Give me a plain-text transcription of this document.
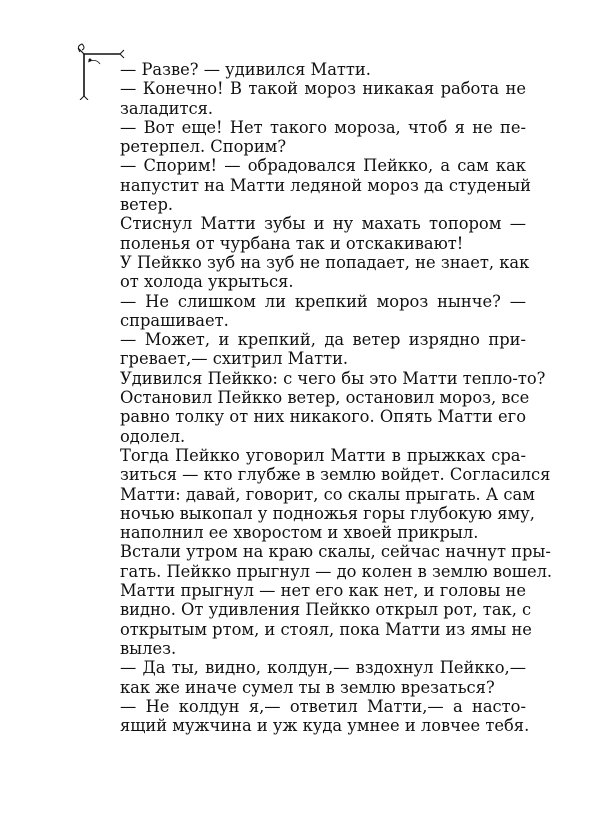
— Разве? — удивился Матти.
— Конечно! В такой мороз никакая работа не
заладится.
— Вот еще! Нет такого мороза, чтоб я не пе-
ретерпел. Спорим?
— Спорим! — обрадовался Пейкко, а сам как
напустит на Матти ледяной мороз да студеный
ветер.
Стиснул Матти зубы и ну махать топором —
поленья от чурбана так и отскакивают!
У Пейкко зуб на зуб не попадает, не знает, как
от холода укрыться.
— Не слишком ли крепкий мороз нынче? —
спрашивает.
— Может, и крепкий, да ветер изрядно при-
гревает,— схитрил Матти.
Удивился Пейкко: с чего бы это Матти тепло-то?
Остановил Пейкко ветер, остановил мороз, все
равно толку от них никакого. Опять Матти его
одолел.
Тогда Пейкко уговорил Матти в прыжках сра-
зиться — кто глубже в землю войдет. Согласился
Матти: давай, говорит, со скалы прыгать. А сам
ночью выкопал у подножья горы глубокую яму,
наполнил ее хворостом и хвоей прикрыл.
Встали утром на краю скалы, сейчас начнут пры-
гать. Пейкко прыгнул — до колен в землю вошел.
Матти прыгнул — нет его как нет, и головы не
видно. От удивления Пейкко открыл рот, так, с
открытым ртом, и стоял, пока Матти из ямы не
вылез.
— Да ты, видно, колдун,— вздохнул Пейкко,—
как же иначе сумел ты в землю врезаться?
— Не колдун я,— ответил Матти,— а насто-
ящий мужчина и уж куда умнее и ловчее тебя.
